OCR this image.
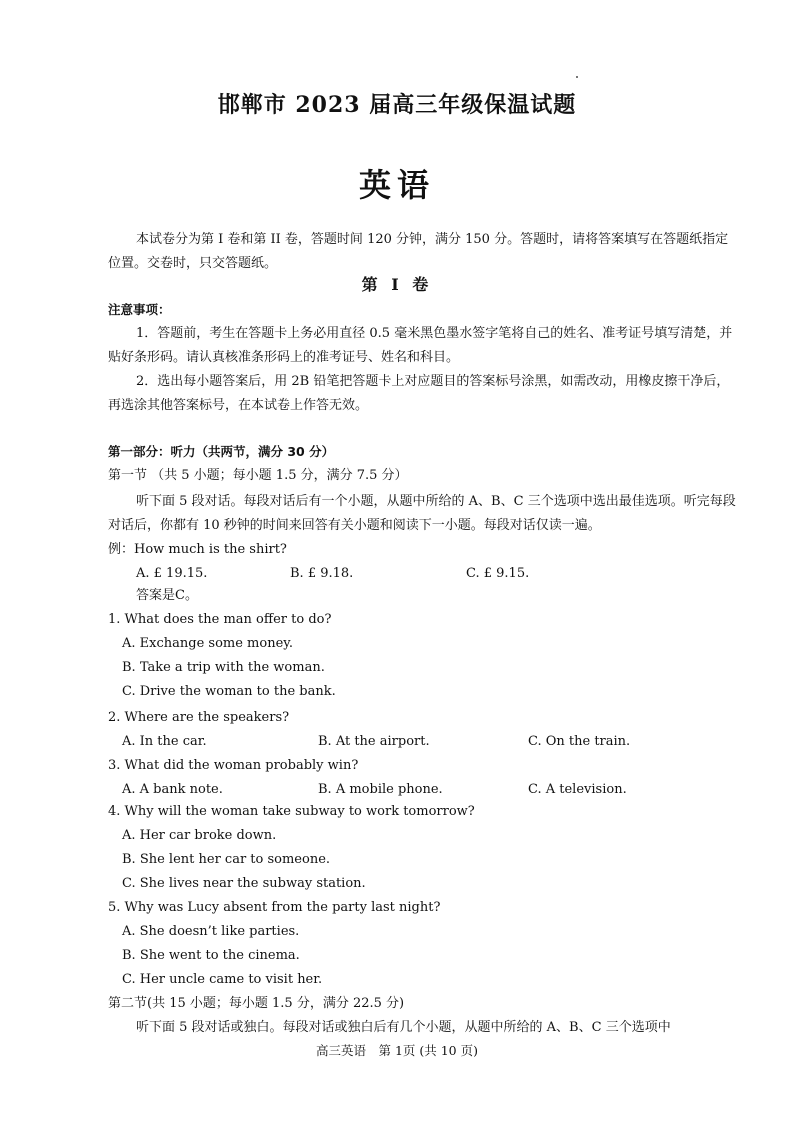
邯郸市 2023 届高三年级保温试题
英语

本试卷分为第 I 卷和第 II 卷，答题时间 120 分钟，满分 150 分。答题时，请将答案填写在答题纸指定位置。交卷时，只交答题纸。

第 I 卷
注意事项：

1．答题前，考生在答题卡上务必用直径 0.5 毫米黑色墨水签字笔将自己的姓名、准考证号填写清楚，并贴好条形码。请认真核准条形码上的准考证号、姓名和科目。

2．选出每小题答案后，用 2B 铅笔把答题卡上对应题目的答案标号涂黑，如需改动，用橡皮擦干净后，再选涂其他答案标号，在本试卷上作答无效。

第一部分：听力（共两节，满分 30 分）
第一节 （共 5 小题；每小题 1.5 分，满分 7.5 分）

听下面 5 段对话。每段对话后有一个小题，从题中所给的 A、B、C 三个选项中选出最佳选项。听完每段对话后，你都有 10 秒钟的时间来回答有关小题和阅读下一小题。每段对话仅读一遍。

例：How much is the shirt?
A. £ 19.15.	B. £ 9.18.	C. £ 9.15.
答案是C。
1. What does the man offer to do?
A. Exchange some money.
B. Take a trip with the woman.
C. Drive the woman to the bank.
2. Where are the speakers?
A. In the car.	B. At the airport.	C. On the train.
3. What did the woman probably win?
A. A bank note.	B. A mobile phone.	C. A television.
4. Why will the woman take subway to work tomorrow?
A. Her car broke down.
B. She lent her car to someone.
C. She lives near the subway station.
5. Why was Lucy absent from the party last night?
A. She doesn’t like parties.
B. She went to the cinema.
C. Her uncle came to visit her.
第二节(共 15 小题；每小题 1.5 分，满分 22.5 分)
听下面 5 段对话或独白。每段对话或独白后有几个小题，从题中所给的 A、B、C 三个选项中
高三英语　第 1页 (共 10 页)
